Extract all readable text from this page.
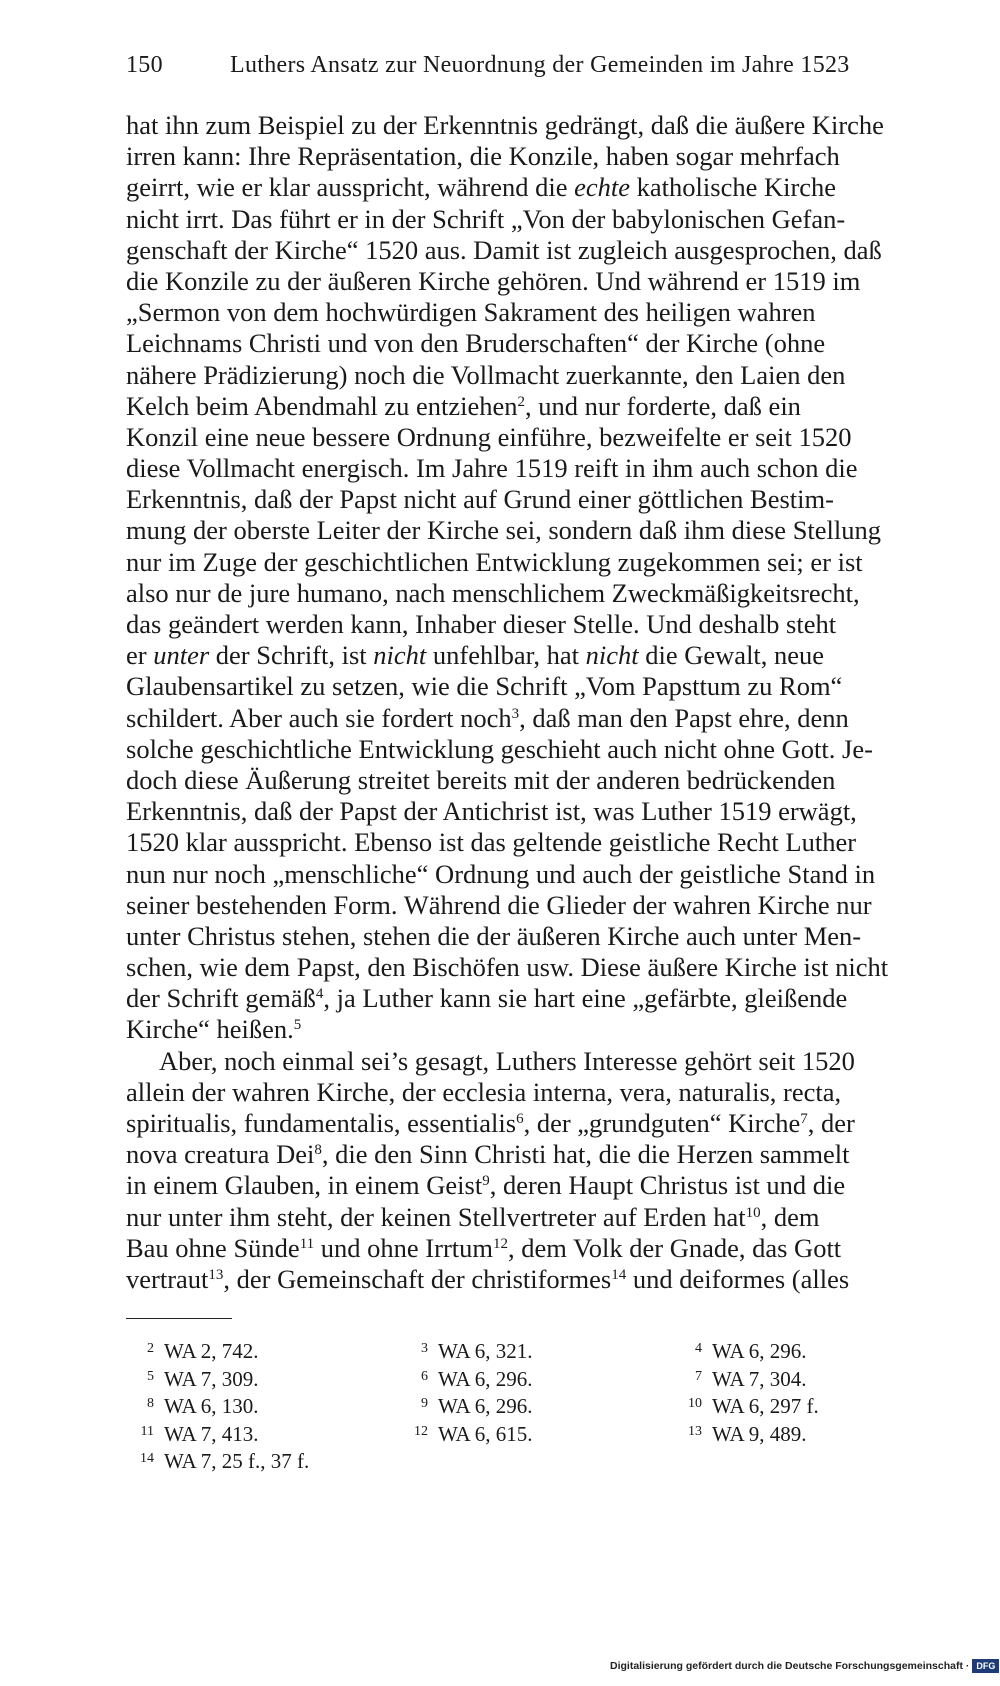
150	Luthers Ansatz zur Neuordnung der Gemeinden im Jahre 1523
hat ihn zum Beispiel zu der Erkenntnis gedrängt, daß die äußere Kirche
irren kann: Ihre Repräsentation, die Konzile, haben sogar mehrfach
geirrt, wie er klar ausspricht, während die echte katholische Kirche
nicht irrt. Das führt er in der Schrift „Von der babylonischen Gefan-
genschaft der Kirche“ 1520 aus. Damit ist zugleich ausgesprochen, daß
die Konzile zu der äußeren Kirche gehören. Und während er 1519 im
„Sermon von dem hochwürdigen Sakrament des heiligen wahren
Leichnams Christi und von den Bruderschaften“ der Kirche (ohne
nähere Prädizierung) noch die Vollmacht zuerkannte, den Laien den
Kelch beim Abendmahl zu entziehen$^2$, und nur forderte, daß ein
Konzil eine neue bessere Ordnung einführe, bezweifelte er seit 1520
diese Vollmacht energisch. Im Jahre 1519 reift in ihm auch schon die
Erkenntnis, daß der Papst nicht auf Grund einer göttlichen Bestim-
mung der oberste Leiter der Kirche sei, sondern daß ihm diese Stellung
nur im Zuge der geschichtlichen Entwicklung zugekommen sei; er ist
also nur de jure humano, nach menschlichem Zweckmäßigkeitsrecht,
das geändert werden kann, Inhaber dieser Stelle. Und deshalb steht
er unter der Schrift, ist nicht unfehlbar, hat nicht die Gewalt, neue
Glaubensartikel zu setzen, wie die Schrift „Vom Papsttum zu Rom“
schildert. Aber auch sie fordert noch$^3$, daß man den Papst ehre, denn
solche geschichtliche Entwicklung geschieht auch nicht ohne Gott. Je-
doch diese Äußerung streitet bereits mit der anderen bedrückenden
Erkenntnis, daß der Papst der Antichrist ist, was Luther 1519 erwägt,
1520 klar ausspricht. Ebenso ist das geltende geistliche Recht Luther
nun nur noch „menschliche“ Ordnung und auch der geistliche Stand in
seiner bestehenden Form. Während die Glieder der wahren Kirche nur
unter Christus stehen, stehen die der äußeren Kirche auch unter Men-
schen, wie dem Papst, den Bischöfen usw. Diese äußere Kirche ist nicht
der Schrift gemäß$^4$, ja Luther kann sie hart eine „gefärbte, gleißende
Kirche“ heißen.$^5$
Aber, noch einmal sei’s gesagt, Luthers Interesse gehört seit 1520
allein der wahren Kirche, der ecclesia interna, vera, naturalis, recta,
spiritualis, fundamentalis, essentialis$^6$, der „grundguten“ Kirche$^7$, der
nova creatura Dei$^8$, die den Sinn Christi hat, die die Herzen sammelt
in einem Glauben, in einem Geist$^9$, deren Haupt Christus ist und die
nur unter ihm steht, der keinen Stellvertreter auf Erden hat$^{10}$, dem
Bau ohne Sünde$^{11}$ und ohne Irrtum$^{12}$, dem Volk der Gnade, das Gott
vertraut$^{13}$, der Gemeinschaft der christiformes$^{14}$ und deiformes (alles
2 WA 2, 742.	3 WA 6, 321.	4 WA 6, 296.
5 WA 7, 309.	6 WA 6, 296.	7 WA 7, 304.
8 WA 6, 130.	9 WA 6, 296.	10 WA 6, 297 f.
11 WA 7, 413.	12 WA 6, 615.	13 WA 9, 489.
14 WA 7, 25 f., 37 f.
Digitalisierung gefördert durch die Deutsche Forschungsgemeinschaft · DFG
